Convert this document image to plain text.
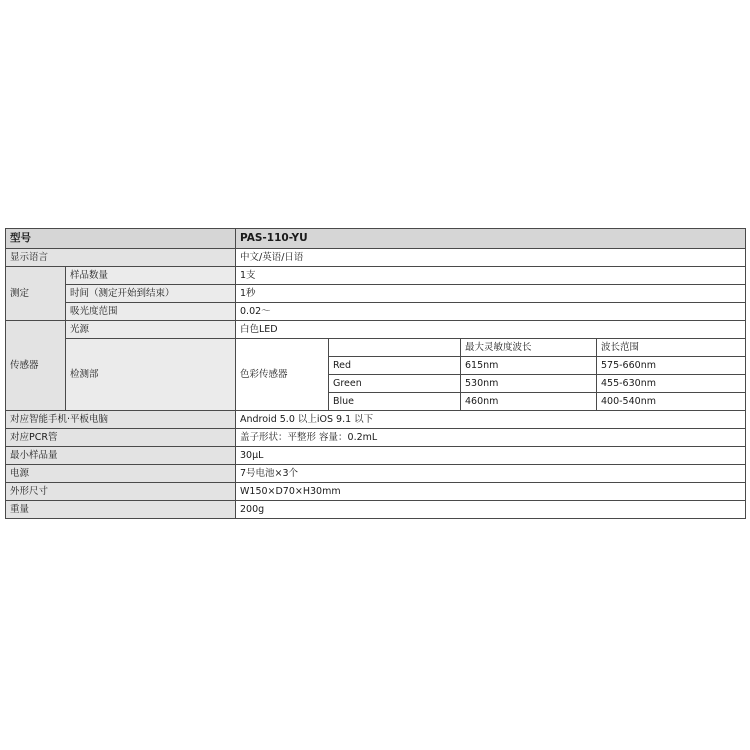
型号		PAS-110-YU			
显示语言		中文/英语/日语			
测定	样品数量	1支			
	时间（测定开始到结束）	1秒			
	吸光度范围	0.02～			
传感器	光源	白色LED			
	检测部	色彩传感器		最大灵敏度波长	波长范围
			Red	615nm	575-660nm
			Green	530nm	455-630nm
			Blue	460nm	400-540nm
对应智能手机·平板电脑		Android 5.0 以上iOS 9.1 以下			
对应PCR管		盖子形状：平整形 容量：0.2mL			
最小样品量		30μL			
电源		7号电池×3个			
外形尺寸		W150×D70×H30mm			
重量		200g			
